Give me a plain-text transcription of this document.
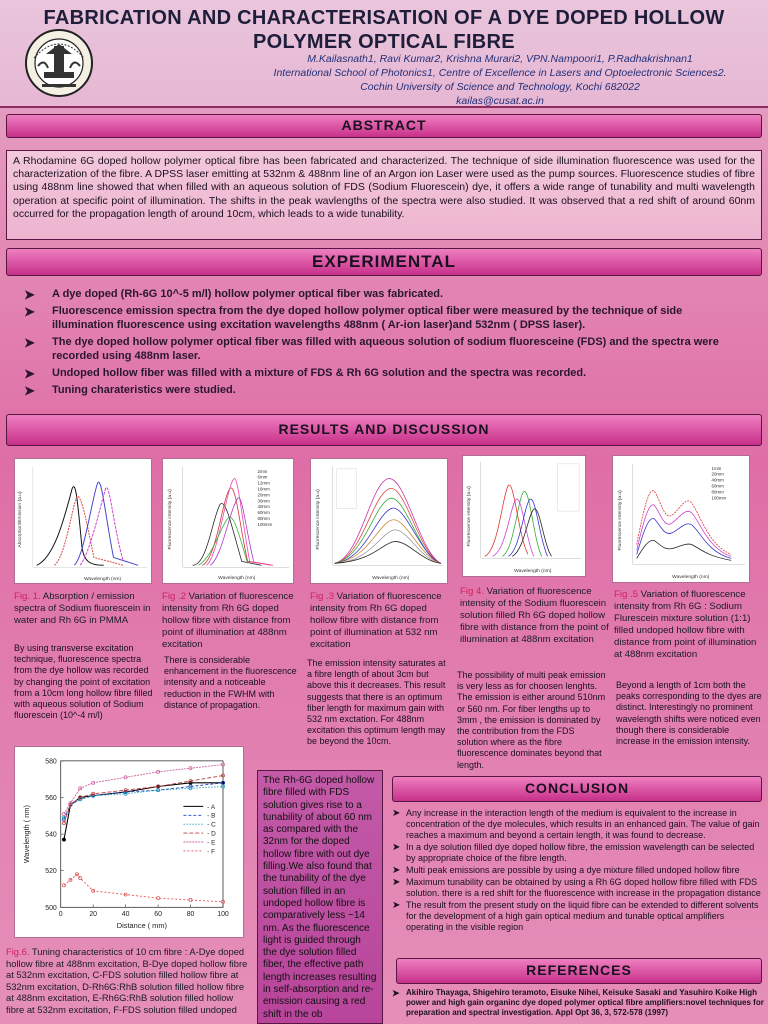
FABRICATION AND CHARACTERISATION OF A DYE DOPED HOLLOW
POLYMER OPTICAL FIBRE
M.Kailasnath1, Ravi Kumar2, Krishna Murari2, VPN.Nampoori1, P.Radhakrishnan1
International School of Photonics1, Centre of Excellence in Lasers and Optoelectronic Sciences2.
Cochin University of Science and Technology, Kochi 682022
kailas@cusat.ac.in
ABSTRACT
A Rhodamine 6G doped hollow polymer optical fibre has been fabricated and characterized. The technique of side illumination fluorescence was used for the characterization of the fibre. A DPSS laser emitting at 532nm & 488nm line of an Argon ion Laser were used as the pump sources. Fluorescence studies of fibre using 488nm line showed that when filled with an aqueous solution of FDS (Sodium Fluorescein) dye, it offers a wide range of tunability and multi wavelength operation at specific point of illumination. The shifts in the peak wavlengths of the spectra were also studied. It was observed that a red shift of around 60nm occurred for the propagation length of around 10cm, which leads to a wide tunability.
EXPERIMENTAL
➤ A dye doped (Rh-6G 10^-5 m/l) hollow polymer optical fiber was fabricated.
➤ Fluorescence emission spectra from the dye doped hollow polymer optical fiber were measured by the technique of side illumination fluorescence using excitation wavelengths 488nm ( Ar-ion laser)and 532nm ( DPSS laser).
➤ The dye doped hollow polymer optical fiber was filled with aqueous solution of sodium fluoresceine (FDS) and the spectra were recorded using 488nm laser.
➤ Undoped hollow fiber was filled with a mixture of FDS & Rh 6G solution and the spectra was recorded.
➤ Tuning charateristics were studied.
RESULTS AND DISCUSSION
Wavelength (nm)
Absorption/Emission (a.u)
Fig. 1. Absorption / emission spectra of Sodium fluorescein in water and Rh 6G in PMMA
By using transverse excitation technique, fluorescence spectra from the dye hollow was recorded by changing the point of excitation from a 10cm long hollow fibre filled with aqueous solution of Sodium fluorescein (10^-4 m/l)
2mm
6mm
12mm
16mm
20mm
30mm
40mm
60mm
80mm
100mm
Wavelength (nm)
Fluorescence intensity (a.u)
Fig .2 Variation of fluorescence intensity from Rh 6G doped hollow fibre with distance from point of illumination at 488nm excitation
There is considerable enhancement in the fluorescence intensity and a noticeable reduction in the FWHM with distance of propagation.
Wavelength (nm)
Fluorescence intensity (a.u)
Fig .3 Variation of fluorescence intensity from Rh 6G doped hollow fibre with distance from point of illumination at 532 nm excitation
The emission intensity saturates at a fibre length of about 3cm but above this it decreases. This result suggests that there is an optimum fiber length for maximum gain with 532 nm exctation. For 488nm excitation this optimum length may be beyond the 10cm.
Wavelength (nm)
Fluorescence intensity (a.u)
Fig 4. Variation of fluorescence intensity of the Sodium fluorescein solution filled Rh 6G doped hollow fibre with distance from the point of illumination at 488nm excitation
The possibility of multi peak emission is very less as for choosen lenghts. The emission is either around 510nm or 560 nm. For fiber lengths up to 3mm , the emission is dominated by the contribution from the FDS solution where as the fibre fluorescence dominates beyond that length.
1mm
20mm
40mm
60mm
80mm
100mm
Wavelength (nm)
Fluorescence intensity (a.u)
Fig .5 Variation of fluorescence intensity from Rh 6G : Sodium Flurescein mixture solution (1:1) filled undoped hollow fibre with distance from point of illumination at 488nm excitation
Beyond a length of 1cm both the peaks corresponding to the dyes are distinct. Interestingly no prominent wavelength shifts were noticed even though there is considerable increase in the emission intensity.
500
520
540
560
580
0	20	40	60	80	100
Distance ( mm)
Wavelength ( nm)	- A
- B
- C
- D
- E
- F
Fig.6. Tuning characteristics of 10 cm fibre : A-Dye doped hollow fibre at 488nm excitation, B-Dye doped hollow fibre at 532nm excitation, C-FDS solution filled hollow fibre at 532nm excitation, D-Rh6G:RhB solution filled hollow fibre at 488nm excitation, E-Rh6G:RhB solution filled hollow fibre at 532nm excitation, F-FDS solution filled undoped
The Rh-6G doped hollow fibre filled with FDS solution gives rise to a tunability of about 60 nm as compared with the 32nm for the doped hollow fibre with out dye filling.We also found that the tunability of the dye solution filled in an undoped hollow fibre is comparatively less ~14 nm. As the fluorescence light is guided through the dye solution filled fiber, the effective path length increases resulting in self-absorption and re-emission causing a red shift in the ob
CONCLUSION
➤ Any increase in the interaction length of the medium is equivalent to the increase in concentration of the dye molecules, which results in an enhanced gain. The value of gain reaches a maximum and beyond a certain length, it was found to decrease.
➤ In a dye solution filled dye doped hollow fibre, the emission wavelength can be selected by appropriate choice of the fibre length.
➤ Multi peak emissions are possible by using a dye mixture filled undoped hollow fibre
➤ Maximum tunability can be obtained by using a Rh 6G doped hollow fibre filled with FDS solution. there is a red shift for the fluorescence with increase in the propagation distance
➤ The result from the present study on the liquid fibre can be extended to different solvents for the development of a high gain optical medium and tunable optical amplifiers operating in the visible region
REFERENCES
➤ Akihiro Thayaga, Shigehiro teramoto, Eisuke Nihei, Keisuke Sasaki and Yasuhiro Koike High power and high gain organinc dye doped polymer optical fibre amplifiers:novel techniques for preparation and spectral investigation. Appl Opt 36, 3, 572-578 (1997)
